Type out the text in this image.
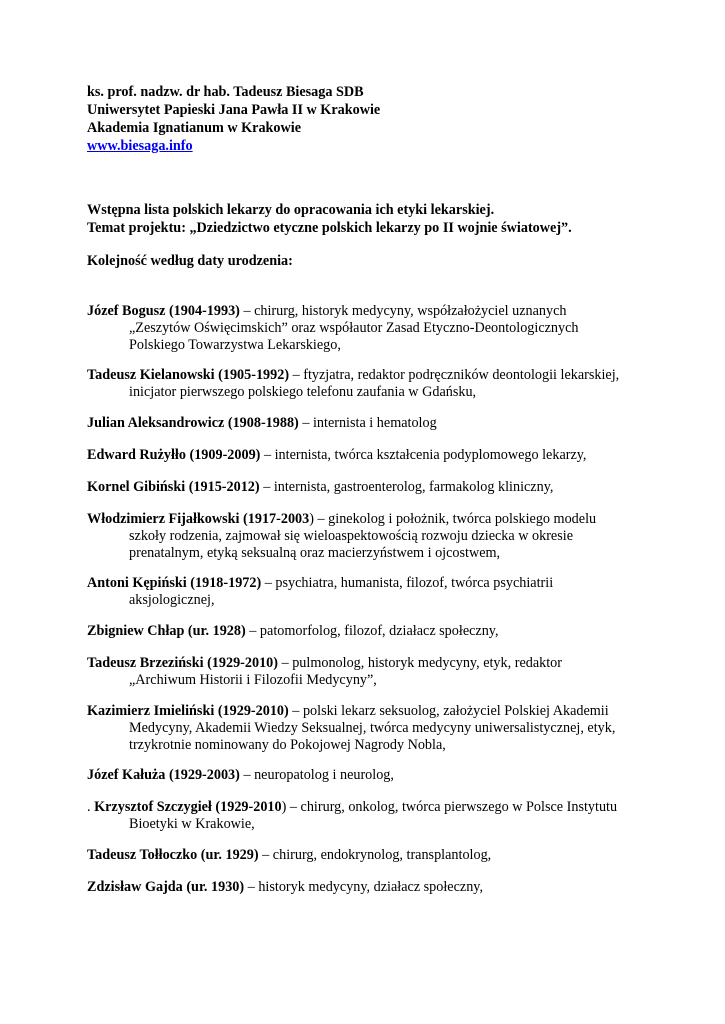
ks. prof. nadzw. dr hab. Tadeusz Biesaga SDB
Uniwersytet Papieski Jana Pawła II w Krakowie
Akademia Ignatianum w Krakowie
www.biesaga.info
Wstępna lista polskich lekarzy do opracowania ich etyki lekarskiej.
Temat projektu: „Dziedzictwo etyczne polskich lekarzy po II wojnie światowej”.
Kolejność według daty urodzenia:
Józef Bogusz (1904-1993) – chirurg, historyk medycyny, współzałożyciel uznanych
„Zeszytów Oświęcimskich” oraz współautor Zasad Etyczno-Deontologicznych
Polskiego Towarzystwa Lekarskiego,
Tadeusz Kielanowski (1905-1992) – ftyzjatra, redaktor podręczników deontologii lekarskiej,
inicjator pierwszego polskiego telefonu zaufania w Gdańsku,
Julian Aleksandrowicz (1908-1988) – internista i hematolog
Edward Rużyłło (1909-2009) – internista, twórca kształcenia podyplomowego lekarzy,
Kornel Gibiński (1915-2012) – internista, gastroenterolog, farmakolog kliniczny,
Włodzimierz Fijałkowski (1917-2003) – ginekolog i położnik, twórca polskiego modelu
szkoły rodzenia, zajmował się wieloaspektowością rozwoju dziecka w okresie
prenatalnym, etyką seksualną oraz macierzyństwem i ojcostwem,
Antoni Kępiński (1918-1972) – psychiatra, humanista, filozof, twórca psychiatrii
aksjologicznej,
Zbigniew Chłap (ur. 1928) – patomorfolog, filozof, działacz społeczny,
Tadeusz Brzeziński (1929-2010) – pulmonolog, historyk medycyny, etyk, redaktor
„Archiwum Historii i Filozofii Medycyny”,
Kazimierz Imieliński (1929-2010) – polski lekarz seksuolog, założyciel Polskiej Akademii
Medycyny, Akademii Wiedzy Seksualnej, twórca medycyny uniwersalistycznej, etyk,
trzykrotnie nominowany do Pokojowej Nagrody Nobla,
Józef Kałuża (1929-2003) – neuropatolog i neurolog,
. Krzysztof Szczygieł (1929-2010) – chirurg, onkolog, twórca pierwszego w Polsce Instytutu
Bioetyki w Krakowie,
Tadeusz Tołłoczko (ur. 1929) – chirurg, endokrynolog, transplantolog,
Zdzisław Gajda (ur. 1930) – historyk medycyny, działacz społeczny,
